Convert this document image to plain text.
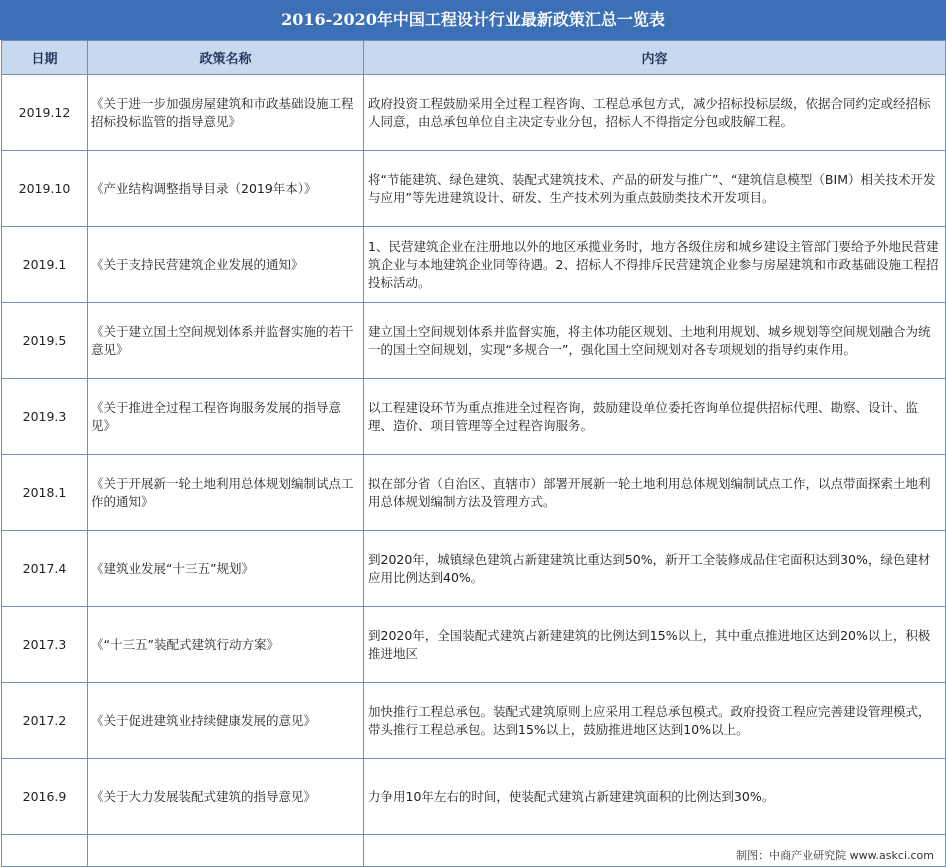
2016-2020年中国工程设计行业最新政策汇总一览表
日期	政策名称	内容
2019.12	《关于进一步加强房屋建筑和市政基础设施工程招标投标监管的指导意见》	政府投资工程鼓励采用全过程工程咨询、工程总承包方式，减少招标投标层级，依据合同约定或经招标人同意，由总承包单位自主决定专业分包，招标人不得指定分包或肢解工程。
2019.10	《产业结构调整指导目录（2019年本）》	将“节能建筑、绿色建筑、装配式建筑技术、产品的研发与推广”、“建筑信息模型（BIM）相关技术开发与应用”等先进建筑设计、研发、生产技术列为重点鼓励类技术开发项目。
2019.1	《关于支持民营建筑企业发展的通知》	1、民营建筑企业在注册地以外的地区承揽业务时，地方各级住房和城乡建设主管部门要给予外地民营建筑企业与本地建筑企业同等待遇。2、招标人不得排斥民营建筑企业参与房屋建筑和市政基础设施工程招投标活动。
2019.5	《关于建立国土空间规划体系并监督实施的若干意见》	建立国土空间规划体系并监督实施，将主体功能区规划、土地利用规划、城乡规划等空间规划融合为统一的国土空间规划，实现“多规合一”，强化国土空间规划对各专项规划的指导约束作用。
2019.3	《关于推进全过程工程咨询服务发展的指导意见》	以工程建设环节为重点推进全过程咨询，鼓励建设单位委托咨询单位提供招标代理、勘察、设计、监理、造价、项目管理等全过程咨询服务。
2018.1	《关于开展新一轮土地利用总体规划编制试点工作的通知》	拟在部分省（自治区、直辖市）部署开展新一轮土地利用总体规划编制试点工作，以点带面探索土地利用总体规划编制方法及管理方式。
2017.4	《建筑业发展“十三五”规划》	到2020年，城镇绿色建筑占新建建筑比重达到50%，新开工全装修成品住宅面积达到30%，绿色建材应用比例达到40%。
2017.3	《“十三五”装配式建筑行动方案》	到2020年，全国装配式建筑占新建建筑的比例达到15%以上，其中重点推进地区达到20%以上，积极推进地区
2017.2	《关于促进建筑业持续健康发展的意见》	加快推行工程总承包。装配式建筑原则上应采用工程总承包模式。政府投资工程应完善建设管理模式，带头推行工程总承包。达到15%以上，鼓励推进地区达到10%以上。
2016.9	《关于大力发展装配式建筑的指导意见》	力争用10年左右的时间，使装配式建筑占新建建筑面积的比例达到30%。

制图：中商产业研究院 www.askci.com
